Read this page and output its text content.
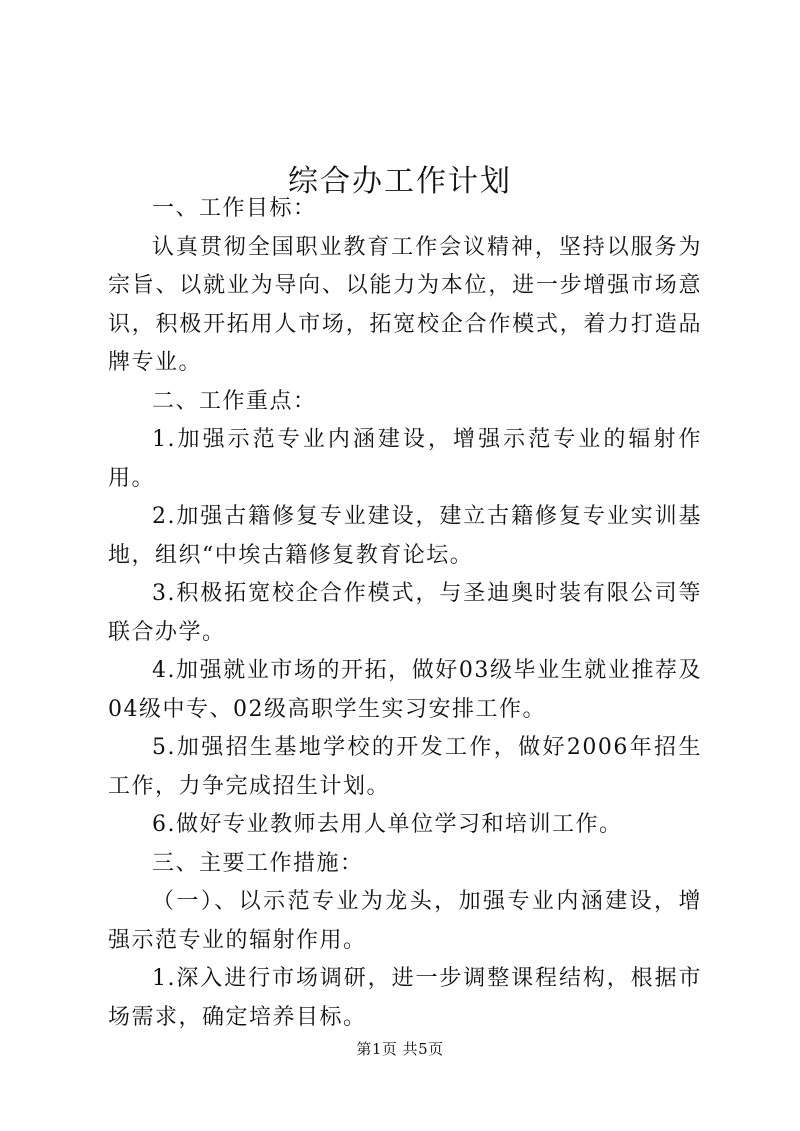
综合办工作计划

一、工作目标：

认真贯彻全国职业教育工作会议精神，坚持以服务为宗旨、以就业为导向、以能力为本位，进一步增强市场意识，积极开拓用人市场，拓宽校企合作模式，着力打造品牌专业。

二、工作重点：

1.加强示范专业内涵建设，增强示范专业的辐射作用。

2.加强古籍修复专业建设，建立古籍修复专业实训基地，组织“中埃古籍修复教育论坛。

3.积极拓宽校企合作模式，与圣迪奥时装有限公司等联合办学。

4.加强就业市场的开拓，做好03级毕业生就业推荐及04级中专、02级高职学生实习安排工作。

5.加强招生基地学校的开发工作，做好2006年招生工作，力争完成招生计划。

6.做好专业教师去用人单位学习和培训工作。

三、主要工作措施：

（一）、以示范专业为龙头，加强专业内涵建设，增强示范专业的辐射作用。

1.深入进行市场调研，进一步调整课程结构，根据市场需求，确定培养目标。

第1页 共5页
